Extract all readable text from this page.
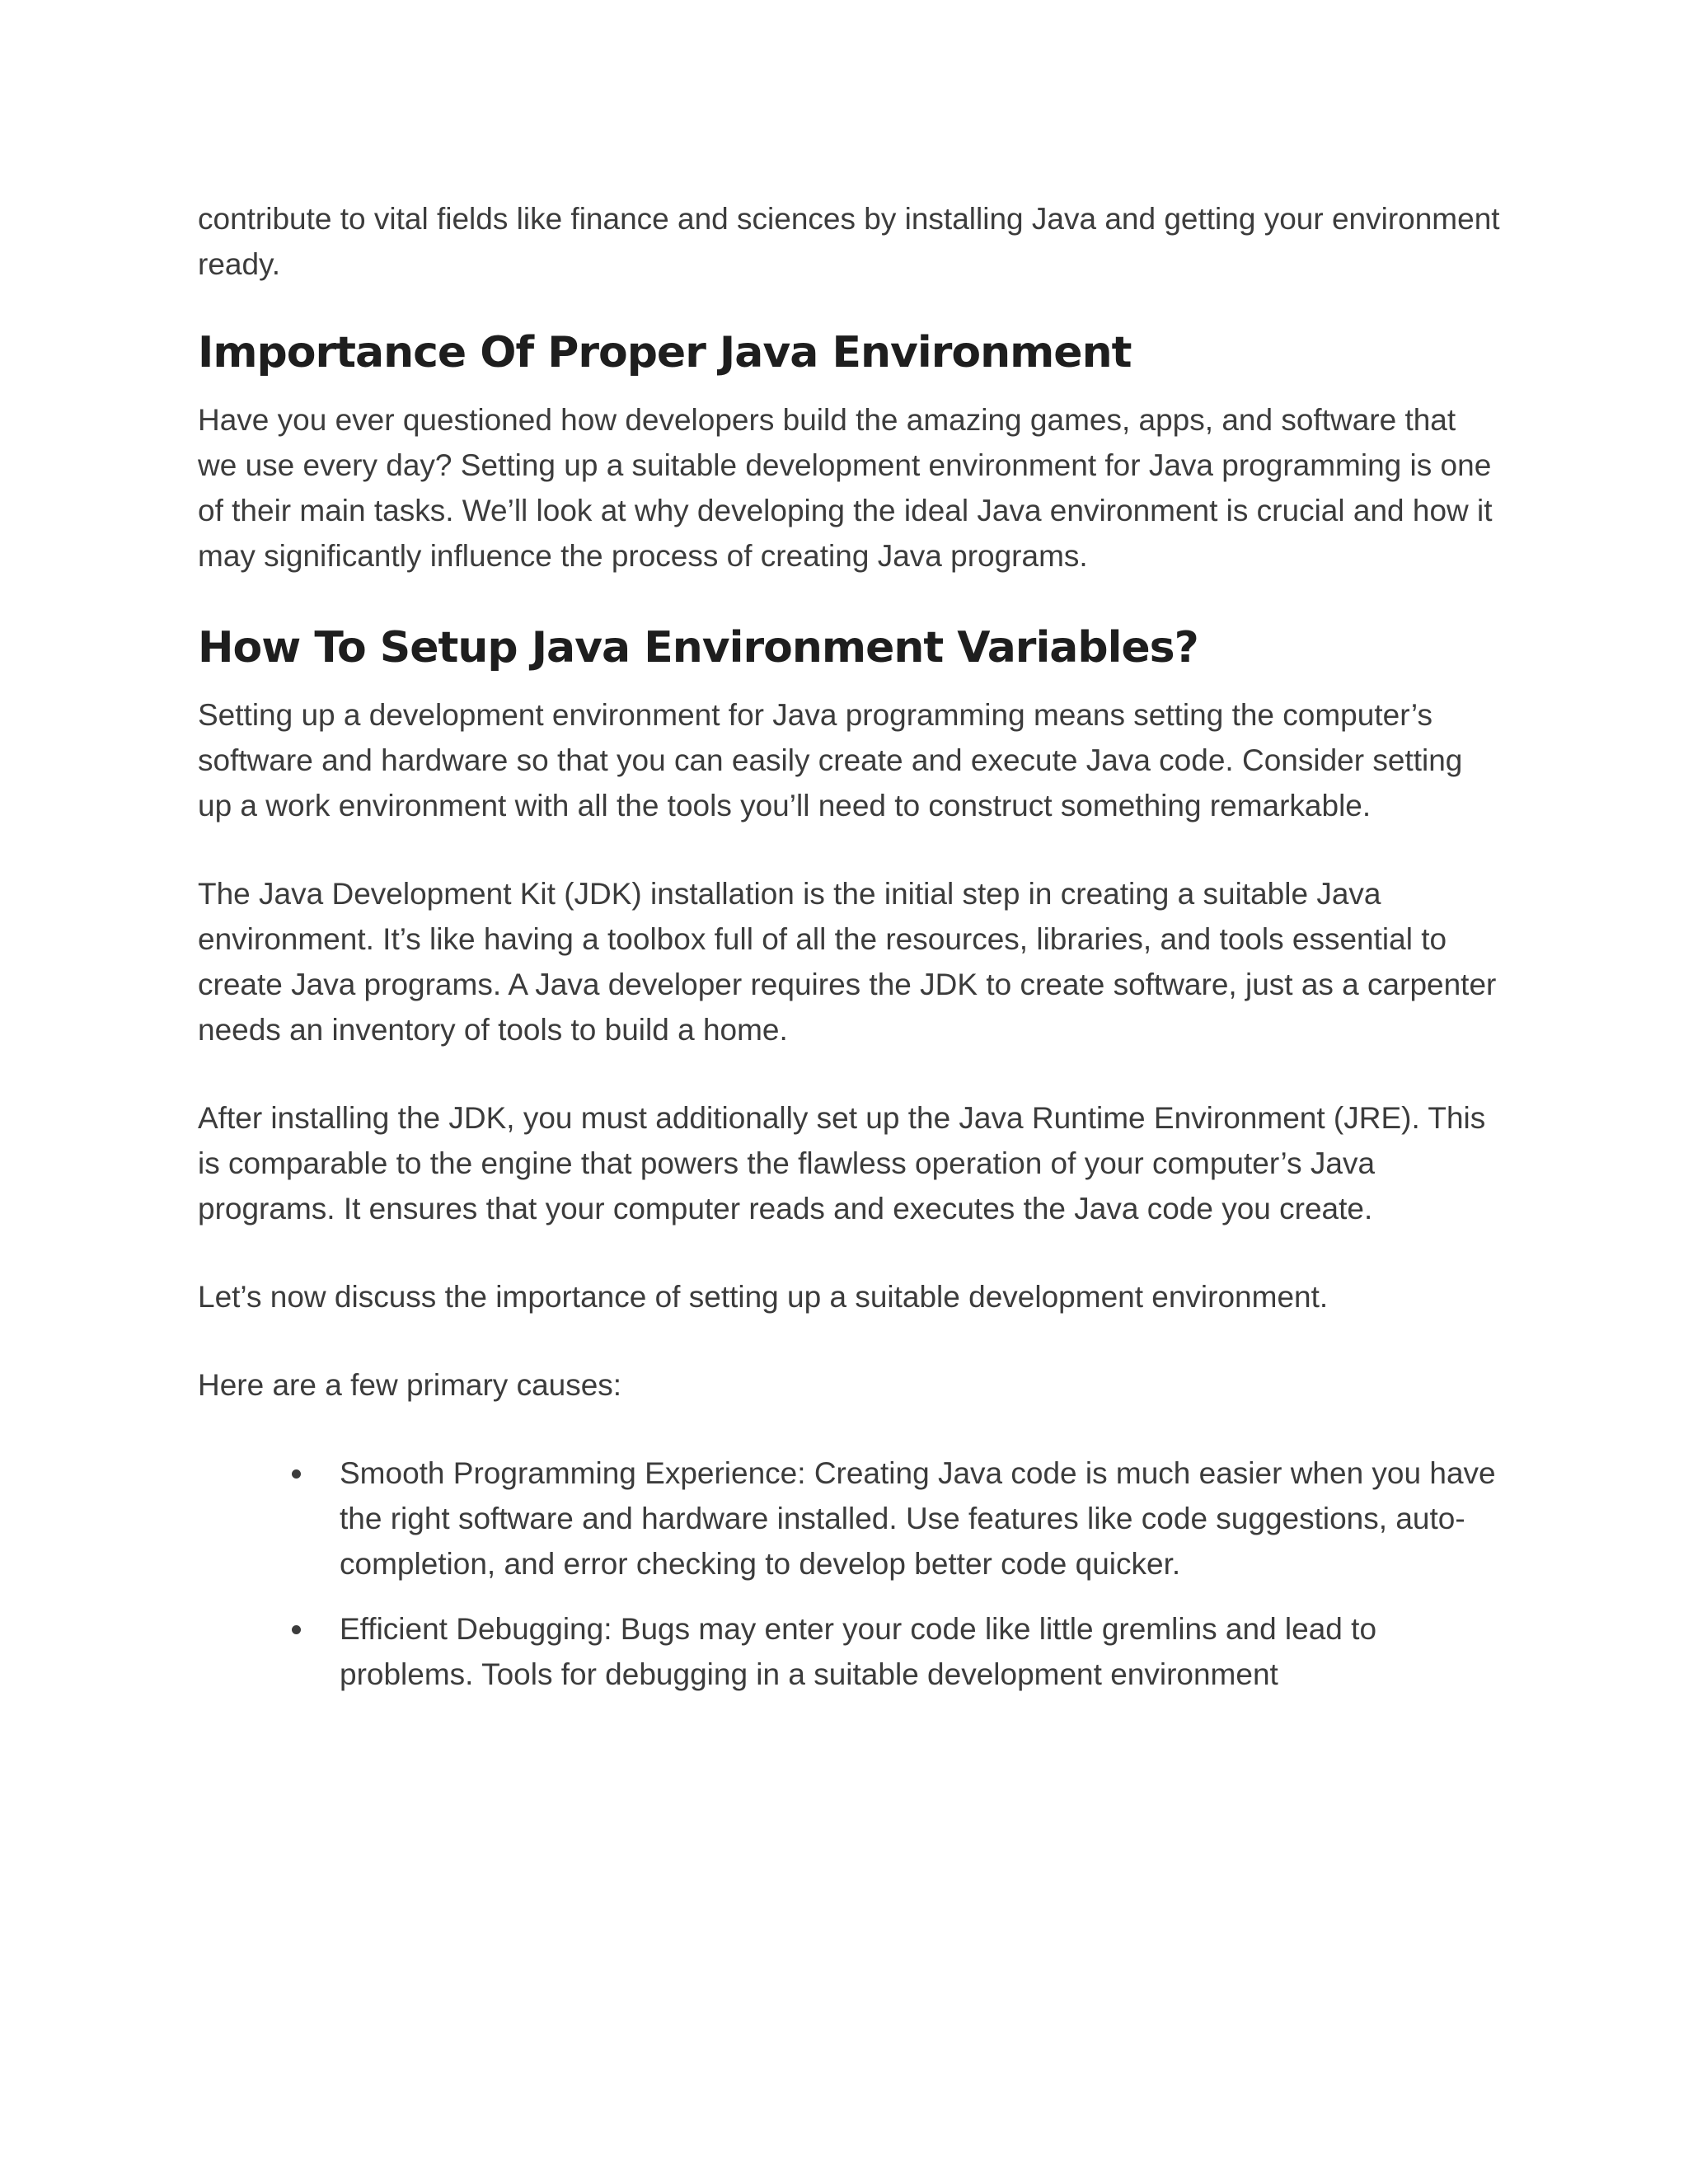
contribute to vital fields like finance and sciences by installing Java and getting your environment ready.

Importance Of Proper Java Environment

Have you ever questioned how developers build the amazing games, apps, and software that we use every day? Setting up a suitable development environment for Java programming is one of their main tasks. We’ll look at why developing the ideal Java environment is crucial and how it may significantly influence the process of creating Java programs.

How To Setup Java Environment Variables?

Setting up a development environment for Java programming means setting the computer’s software and hardware so that you can easily create and execute Java code. Consider setting up a work environment with all the tools you’ll need to construct something remarkable.

The Java Development Kit (JDK) installation is the initial step in creating a suitable Java environment. It’s like having a toolbox full of all the resources, libraries, and tools essential to create Java programs. A Java developer requires the JDK to create software, just as a carpenter needs an inventory of tools to build a home.

After installing the JDK, you must additionally set up the Java Runtime Environment (JRE). This is comparable to the engine that powers the flawless operation of your computer’s Java programs. It ensures that your computer reads and executes the Java code you create.

Let’s now discuss the importance of setting up a suitable development environment.

Here are a few primary causes:

Smooth Programming Experience: Creating Java code is much easier when you have the right software and hardware installed. Use features like code suggestions, auto-completion, and error checking to develop better code quicker.
Efficient Debugging: Bugs may enter your code like little gremlins and lead to problems. Tools for debugging in a suitable development environment
